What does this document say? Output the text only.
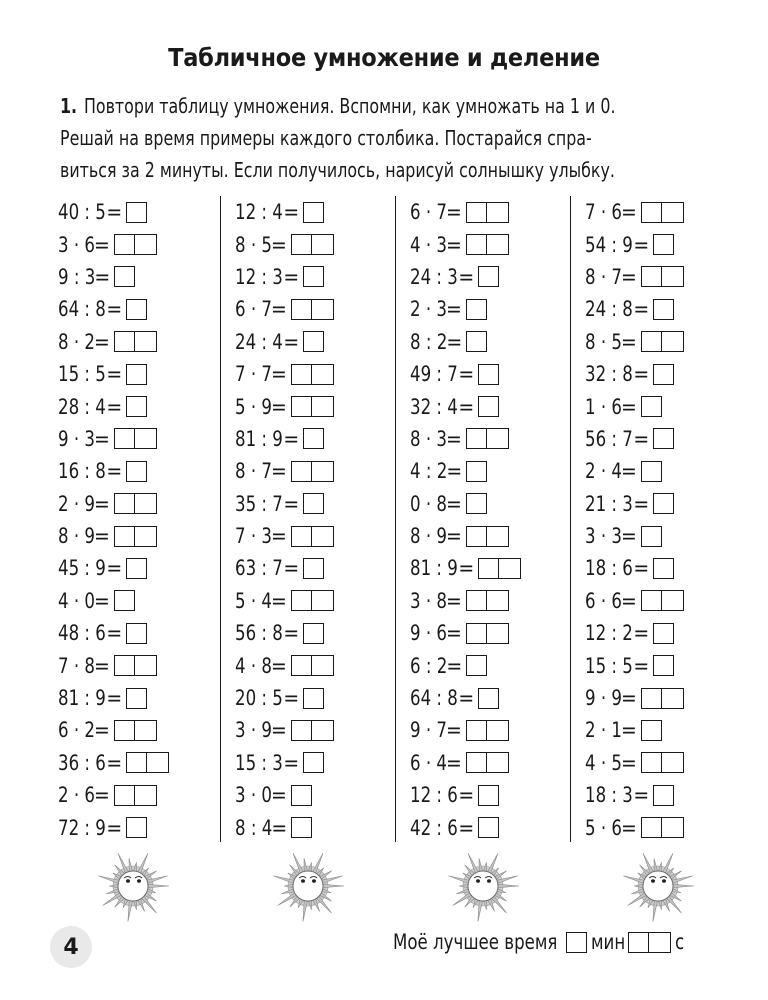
Табличное умножение и деление
1. Повтори таблицу умножения. Вспомни, как умножать на 1 и 0.
Решай на время примеры каждого столбика. Постарайся спра-
виться за 2 минуты. Если получилось, нарисуй солнышку улыбку.
40 : 5 =
3 · 6 =
9 : 3 =
64 : 8 =
8 · 2 =
15 : 5 =
28 : 4 =
9 · 3 =
16 : 8 =
2 · 9 =
8 · 9 =
45 : 9 =
4 · 0 =
48 : 6 =
7 · 8 =
81 : 9 =
6 · 2 =
36 : 6 =
2 · 6 =
72 : 9 =
12 : 4 =
8 · 5 =
12 : 3 =
6 · 7 =
24 : 4 =
7 · 7 =
5 · 9 =
81 : 9 =
8 · 7 =
35 : 7 =
7 · 3 =
63 : 7 =
5 · 4 =
56 : 8 =
4 · 8 =
20 : 5 =
3 · 9 =
15 : 3 =
3 · 0 =
8 : 4 =
6 · 7 =
4 · 3 =
24 : 3 =
2 · 3 =
8 : 2 =
49 : 7 =
32 : 4 =
8 · 3 =
4 : 2 =
0 · 8 =
8 · 9 =
81 : 9 =
3 · 8 =
9 · 6 =
6 : 2 =
64 : 8 =
9 · 7 =
6 · 4 =
12 : 6 =
42 : 6 =
7 · 6 =
54 : 9 =
8 · 7 =
24 : 8 =
8 · 5 =
32 : 8 =
1 · 6 =
56 : 7 =
2 · 4 =
21 : 3 =
3 · 3 =
18 : 6 =
6 · 6 =
12 : 2 =
15 : 5 =
9 · 9 =
2 · 1 =
4 · 5 =
18 : 3 =
5 · 6 =
4	Моё лучшее время мин с
